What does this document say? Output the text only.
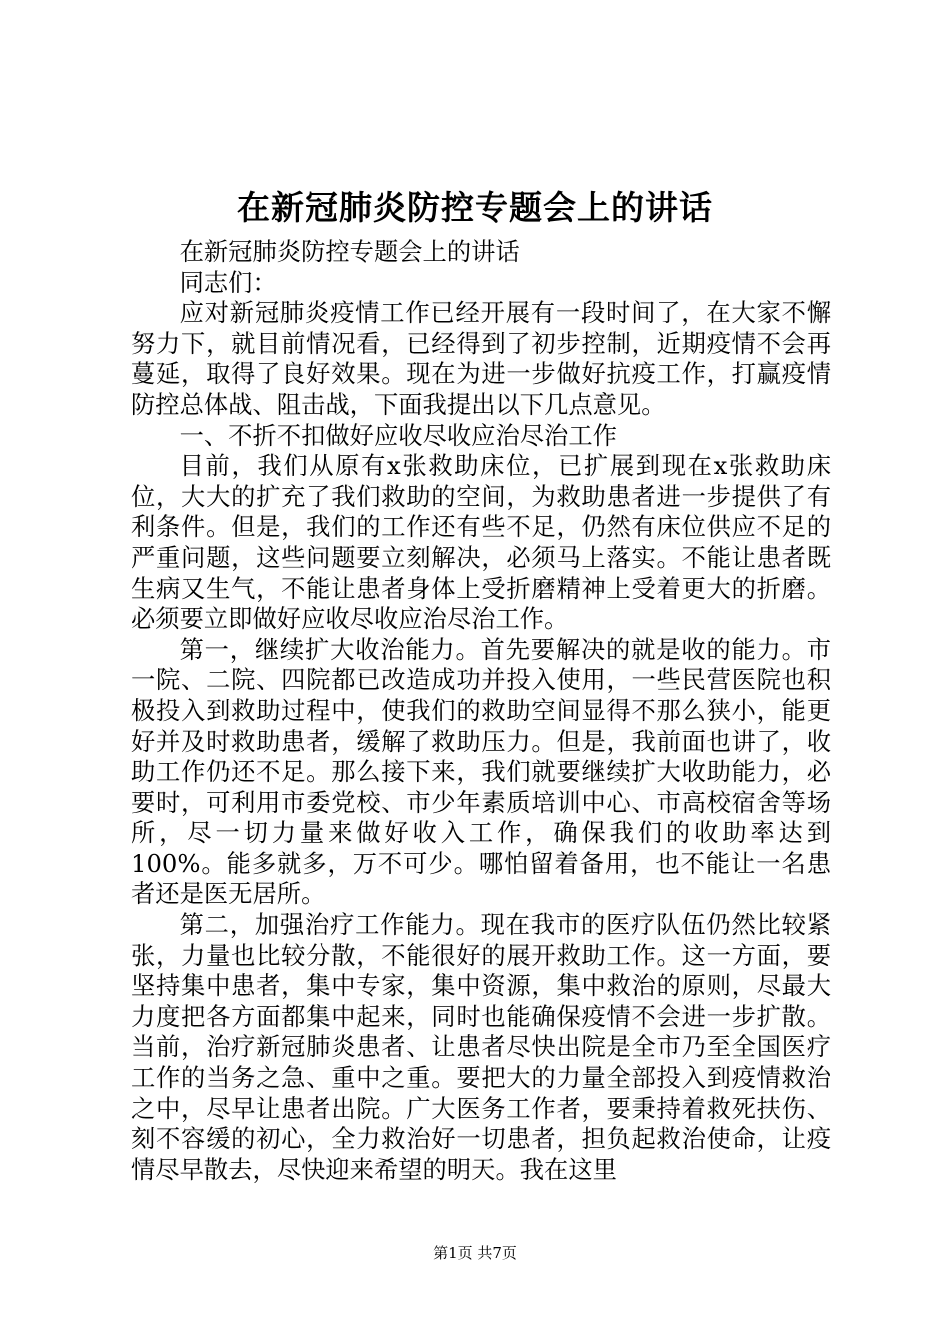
在新冠肺炎防控专题会上的讲话

在新冠肺炎防控专题会上的讲话

同志们：

应对新冠肺炎疫情工作已经开展有一段时间了，在大家不懈努力下，就目前情况看，已经得到了初步控制，近期疫情不会再蔓延，取得了良好效果。现在为进一步做好抗疫工作，打赢疫情防控总体战、阻击战，下面我提出以下几点意见。

一、不折不扣做好应收尽收应治尽治工作

目前，我们从原有x张救助床位，已扩展到现在x张救助床位，大大的扩充了我们救助的空间，为救助患者进一步提供了有利条件。但是，我们的工作还有些不足，仍然有床位供应不足的严重问题，这些问题要立刻解决，必须马上落实。不能让患者既生病又生气，不能让患者身体上受折磨精神上受着更大的折磨。必须要立即做好应收尽收应治尽治工作。

第一，继续扩大收治能力。首先要解决的就是收的能力。市一院、二院、四院都已改造成功并投入使用，一些民营医院也积极投入到救助过程中，使我们的救助空间显得不那么狭小，能更好并及时救助患者，缓解了救助压力。但是，我前面也讲了，收助工作仍还不足。那么接下来，我们就要继续扩大收助能力，必要时，可利用市委党校、市少年素质培训中心、市高校宿舍等场所，尽一切力量来做好收入工作，确保我们的收助率达到100%。能多就多，万不可少。哪怕留着备用，也不能让一名患者还是医无居所。

第二，加强治疗工作能力。现在我市的医疗队伍仍然比较紧张，力量也比较分散，不能很好的展开救助工作。这一方面，要坚持集中患者，集中专家，集中资源，集中救治的原则，尽最大力度把各方面都集中起来，同时也能确保疫情不会进一步扩散。当前，治疗新冠肺炎患者、让患者尽快出院是全市乃至全国医疗工作的当务之急、重中之重。要把大的力量全部投入到疫情救治之中，尽早让患者出院。广大医务工作者，要秉持着救死扶伤、刻不容缓的初心，全力救治好一切患者，担负起救治使命，让疫情尽早散去，尽快迎来希望的明天。我在这里

第1页 共7页
